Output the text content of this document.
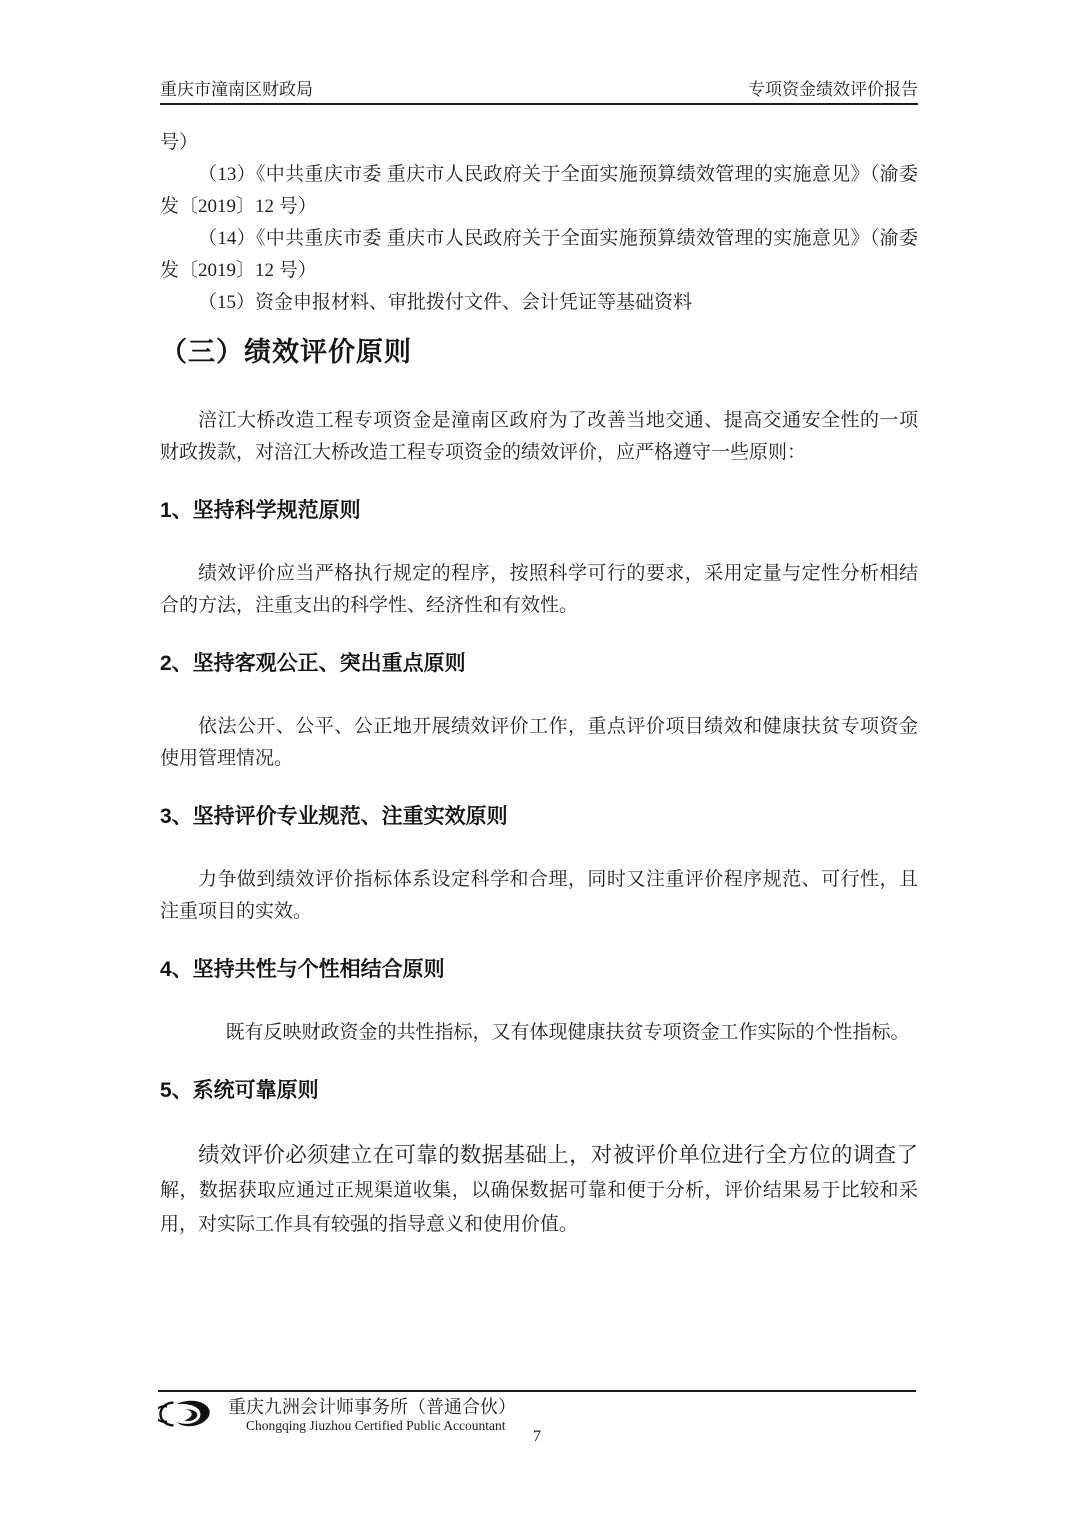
重庆市潼南区财政局	专项资金绩效评价报告

号）

（13）《中共重庆市委 重庆市人民政府关于全面实施预算绩效管理的实施意见》（渝委发〔2019〕12 号）

（14）《中共重庆市委 重庆市人民政府关于全面实施预算绩效管理的实施意见》（渝委发〔2019〕12 号）

（15）资金申报材料、审批拨付文件、会计凭证等基础资料

（三）绩效评价原则

涪江大桥改造工程专项资金是潼南区政府为了改善当地交通、提高交通安全性的一项财政拨款，对涪江大桥改造工程专项资金的绩效评价，应严格遵守一些原则：

1、坚持科学规范原则

绩效评价应当严格执行规定的程序，按照科学可行的要求，采用定量与定性分析相结合的方法，注重支出的科学性、经济性和有效性。

2、坚持客观公正、突出重点原则

依法公开、公平、公正地开展绩效评价工作，重点评价项目绩效和健康扶贫专项资金使用管理情况。

3、坚持评价专业规范、注重实效原则

力争做到绩效评价指标体系设定科学和合理，同时又注重评价程序规范、可行性，且注重项目的实效。

4、坚持共性与个性相结合原则

既有反映财政资金的共性指标，又有体现健康扶贫专项资金工作实际的个性指标。

5、系统可靠原则

绩效评价必须建立在可靠的数据基础上，对被评价单位进行全方位的调查了解，数据获取应通过正规渠道收集，以确保数据可靠和便于分析，评价结果易于比较和采用，对实际工作具有较强的指导意义和使用价值。

重庆九洲会计师事务所（普通合伙）
Chongqing Jiuzhou Certified Public Accountant
7
